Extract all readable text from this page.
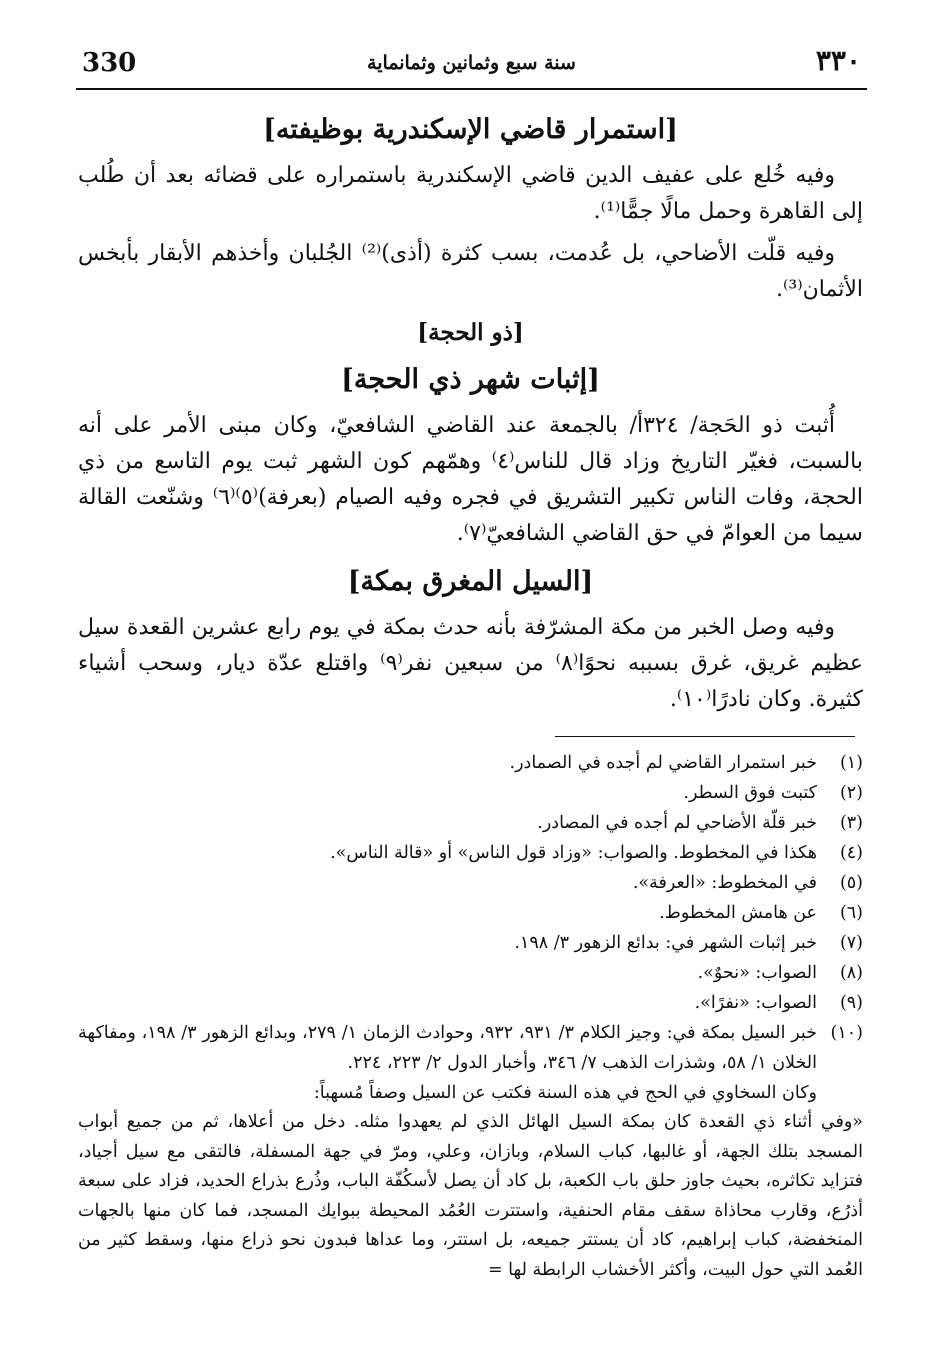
330	سنة سبع وثمانين وثمانماية	٣٣٠
[استمرار قاضي الإسكندرية بوظيفته]

وفيه خُلع على عفيف الدين قاضي الإسكندرية باستمراره على قضائه بعد أن طُلب إلى القاهرة وحمل مالًا جمًّا⁽¹⁾.

وفيه قلّت الأضاحي، بل عُدمت، بسب كثرة (أذى)⁽²⁾ الجُلبان وأخذهم الأبقار بأبخس الأثمان⁽³⁾.

[ذو الحجة]
[إثبات شهر ذي الحجة]

أُثبت ذو الحَجة/ ٣٢٤أ/ بالجمعة عند القاضي الشافعيّ، وكان مبنى الأمر على أنه بالسبت، فغيّر التاريخ وزاد قال للناس⁽٤⁾ وهمّهم كون الشهر ثبت يوم التاسع من ذي الحجة، وفات الناس تكبير التشريق في فجره وفيه الصيام (بعرفة)⁽٥⁾⁽٦⁾ وشنّعت القالة سيما من العوامّ في حق القاضي الشافعيّ⁽٧⁾.

[السيل المغرق بمكة]

وفيه وصل الخبر من مكة المشرّفة بأنه حدث بمكة في يوم رابع عشرين القعدة سيل عظيم غريق، غرق بسببه نحوًا⁽٨⁾ من سبعين نفر⁽٩⁾ واقتلع عدّة ديار، وسحب أشياء كثيرة. وكان نادرًا⁽١٠⁾.

(١)
خبر استمرار القاضي لم أجده في الصمادر.
(٢)
كتبت فوق السطر.
(٣)
خبر قلّة الأضاحي لم أجده في المصادر.
(٤)
هكذا في المخطوط. والصواب: «وزاد قول الناس» أو «قالة الناس».
(٥)
في المخطوط: «العرفة».
(٦)
عن هامش المخطوط.
(٧)
خبر إثبات الشهر في: بدائع الزهور ٣/ ١٩٨.
(٨)
الصواب: «نحوٌ».
(٩)
الصواب: «نفرًا».
(١٠)
خبر السيل بمكة في: وجيز الكلام ٣/ ٩٣١، ٩٣٢، وحوادث الزمان ١/ ٢٧٩، وبدائع الزهور ٣/ ١٩٨، ومفاكهة الخلان ١/ ٥٨، وشذرات الذهب ٧/ ٣٤٦، وأخبار الدول ٢/ ٢٢٣، ٢٢٤.
وكان السخاوي في الحج في هذه السنة فكتب عن السيل وصفاً مُسهباً:
«وفي أثناء ذي القعدة كان بمكة السيل الهائل الذي لم يعهدوا مثله. دخل من أعلاها، ثم من جميع أبواب المسجد بتلك الجهة، أو غالبها، كباب السلام، وبازان، وعلي، ومرّ في جهة المسفلة، فالتقى مع سيل أجياد، فتزايد تكاثره، بحيث جاوز حلق باب الكعبة، بل كاد أن يصل لأسكُفّة الباب، وذُرع بذراع الحديد، فزاد على سبعة أذرُع، وقارب محاذاة سقف مقام الحنفية، واستترت العُمُد المحيطة ببوايك المسجد، فما كان منها بالجهات المنخفضة، كباب إبراهيم، كاد أن يستتر جميعه، بل استتر، وما عداها فبدون نحو ذراع منها، وسقط كثير من العُمد التي حول البيت، وأكثر الأخشاب الرابطة لها =
